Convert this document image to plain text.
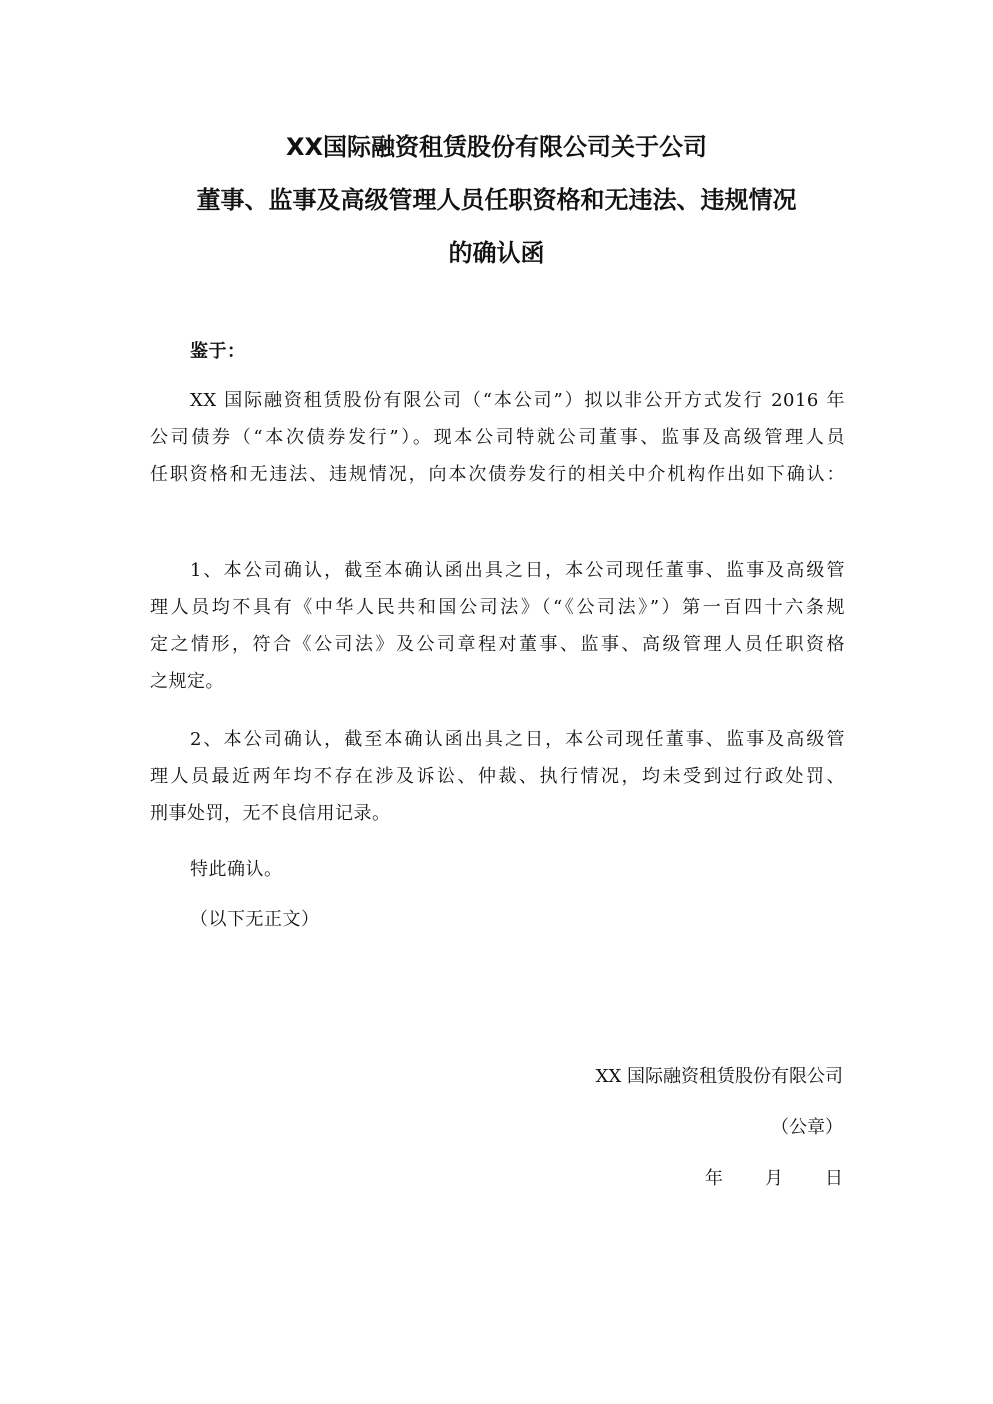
XX国际融资租赁股份有限公司关于公司
董事、监事及高级管理人员任职资格和无违法、违规情况
的确认函
鉴于：
XX 国际融资租赁股份有限公司（“本公司”）拟以非公开方式发行 2016 年
公司债券（“本次债券发行”）。现本公司特就公司董事、监事及高级管理人员
任职资格和无违法、违规情况，向本次债券发行的相关中介机构作出如下确认：
1、本公司确认，截至本确认函出具之日，本公司现任董事、监事及高级管
理人员均不具有《中华人民共和国公司法》（“《公司法》”）第一百四十六条规
定之情形，符合《公司法》及公司章程对董事、监事、高级管理人员任职资格
之规定。
2、本公司确认，截至本确认函出具之日，本公司现任董事、监事及高级管
理人员最近两年均不存在涉及诉讼、仲裁、执行情况，均未受到过行政处罚、
刑事处罚，无不良信用记录。
特此确认。
（以下无正文）
XX 国际融资租赁股份有限公司
（公章）
年 月 日
